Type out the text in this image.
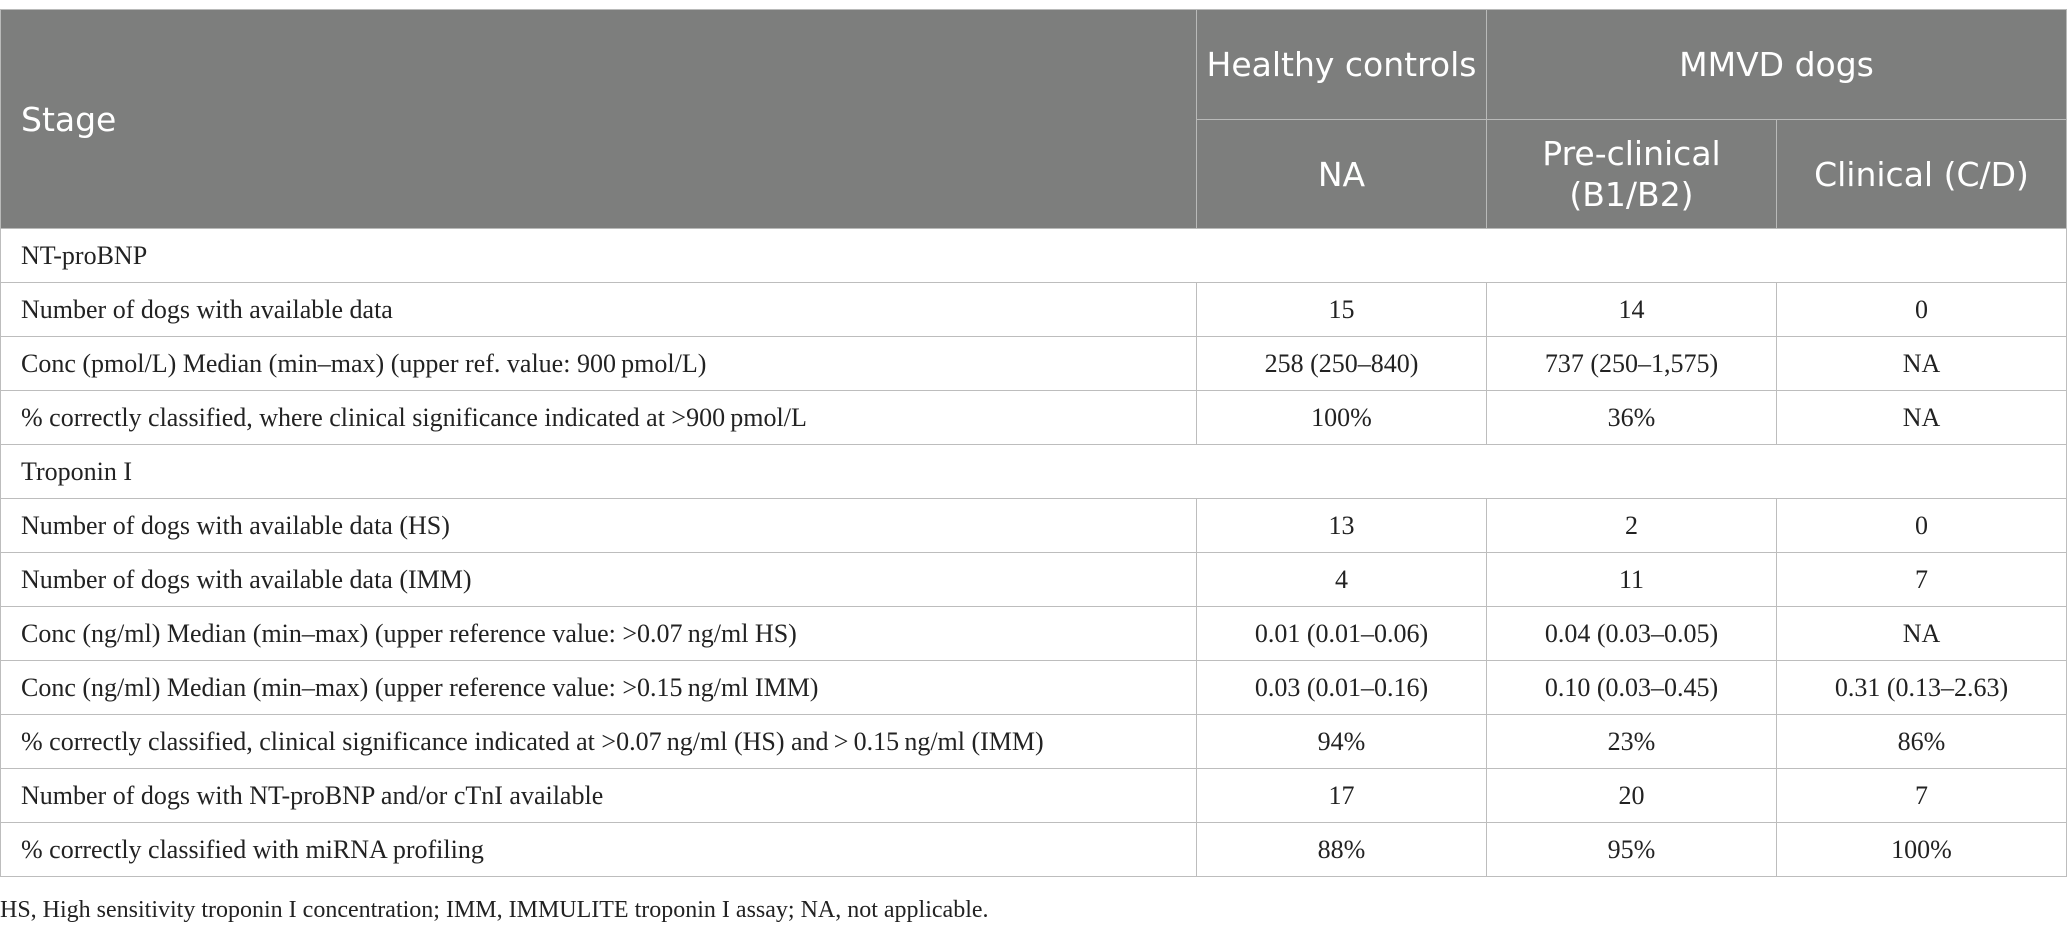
Stage	Healthy controls	MMVD dogs	
	NA	Pre-clinical (B1/B2)	Clinical (C/D)
NT-proBNP			
Number of dogs with available data	15	14	0
Conc (pmol/L) Median (min–max) (upper ref. value: 900 pmol/L)	258 (250–840)	737 (250–1,575)	NA
% correctly classified, where clinical significance indicated at >900 pmol/L	100%	36%	NA
Troponin I			
Number of dogs with available data (HS)	13	2	0
Number of dogs with available data (IMM)	4	11	7
Conc (ng/ml) Median (min–max) (upper reference value: >0.07 ng/ml HS)	0.01 (0.01–0.06)	0.04 (0.03–0.05)	NA
Conc (ng/ml) Median (min–max) (upper reference value: >0.15 ng/ml IMM)	0.03 (0.01–0.16)	0.10 (0.03–0.45)	0.31 (0.13–2.63)
% correctly classified, clinical significance indicated at >0.07 ng/ml (HS) and > 0.15 ng/ml (IMM)	94%	23%	86%
Number of dogs with NT-proBNP and/or cTnI available	17	20	7
% correctly classified with miRNA profiling	88%	95%	100%
HS, High sensitivity troponin I concentration; IMM, IMMULITE troponin I assay; NA, not applicable.
